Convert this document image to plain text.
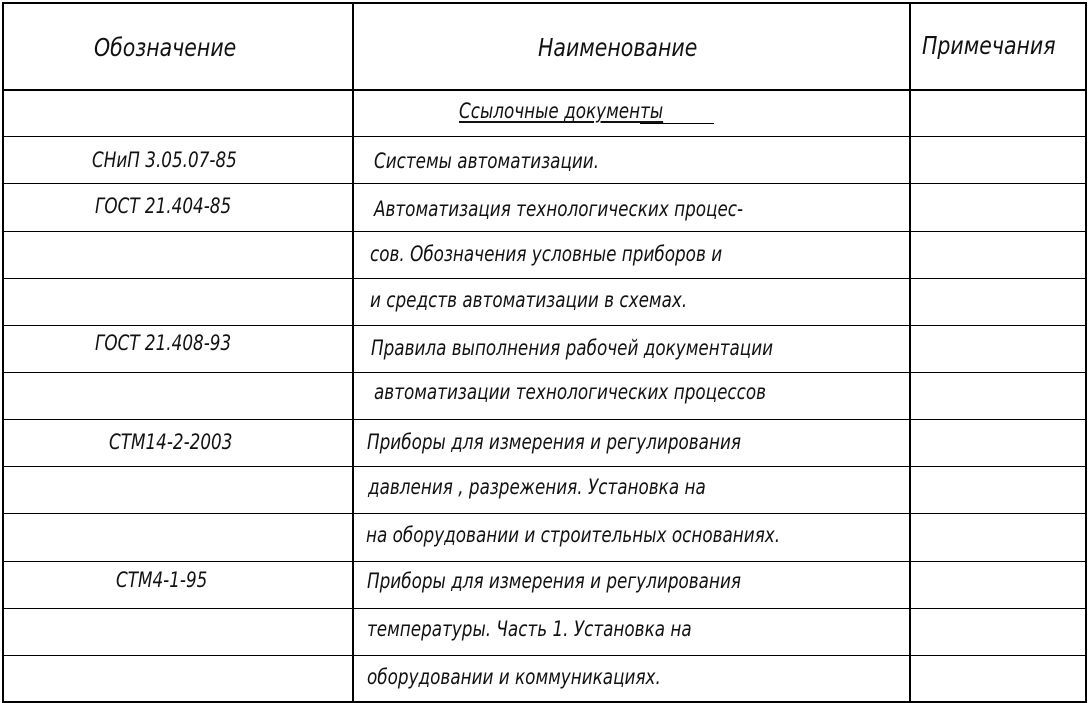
Обозначение	Наименование	Примечания
Ссылочные документы
СНиП 3.05.07-85
ГОСТ 21.404-85
ГОСТ 21.408-93
СТМ14-2-2003
СТМ4-1-95
Системы автоматизации.
Автоматизация технологических процес-
сов. Обозначения условные приборов и
и средств автоматизации в схемах.
Правила выполнения рабочей документации
автоматизации технологических процессов
Приборы для измерения и регулирования
давления , разрежения. Установка на
на оборудовании и строительных основаниях.
Приборы для измерения и регулирования
температуры. Часть 1. Установка на
оборудовании и коммуникациях.
